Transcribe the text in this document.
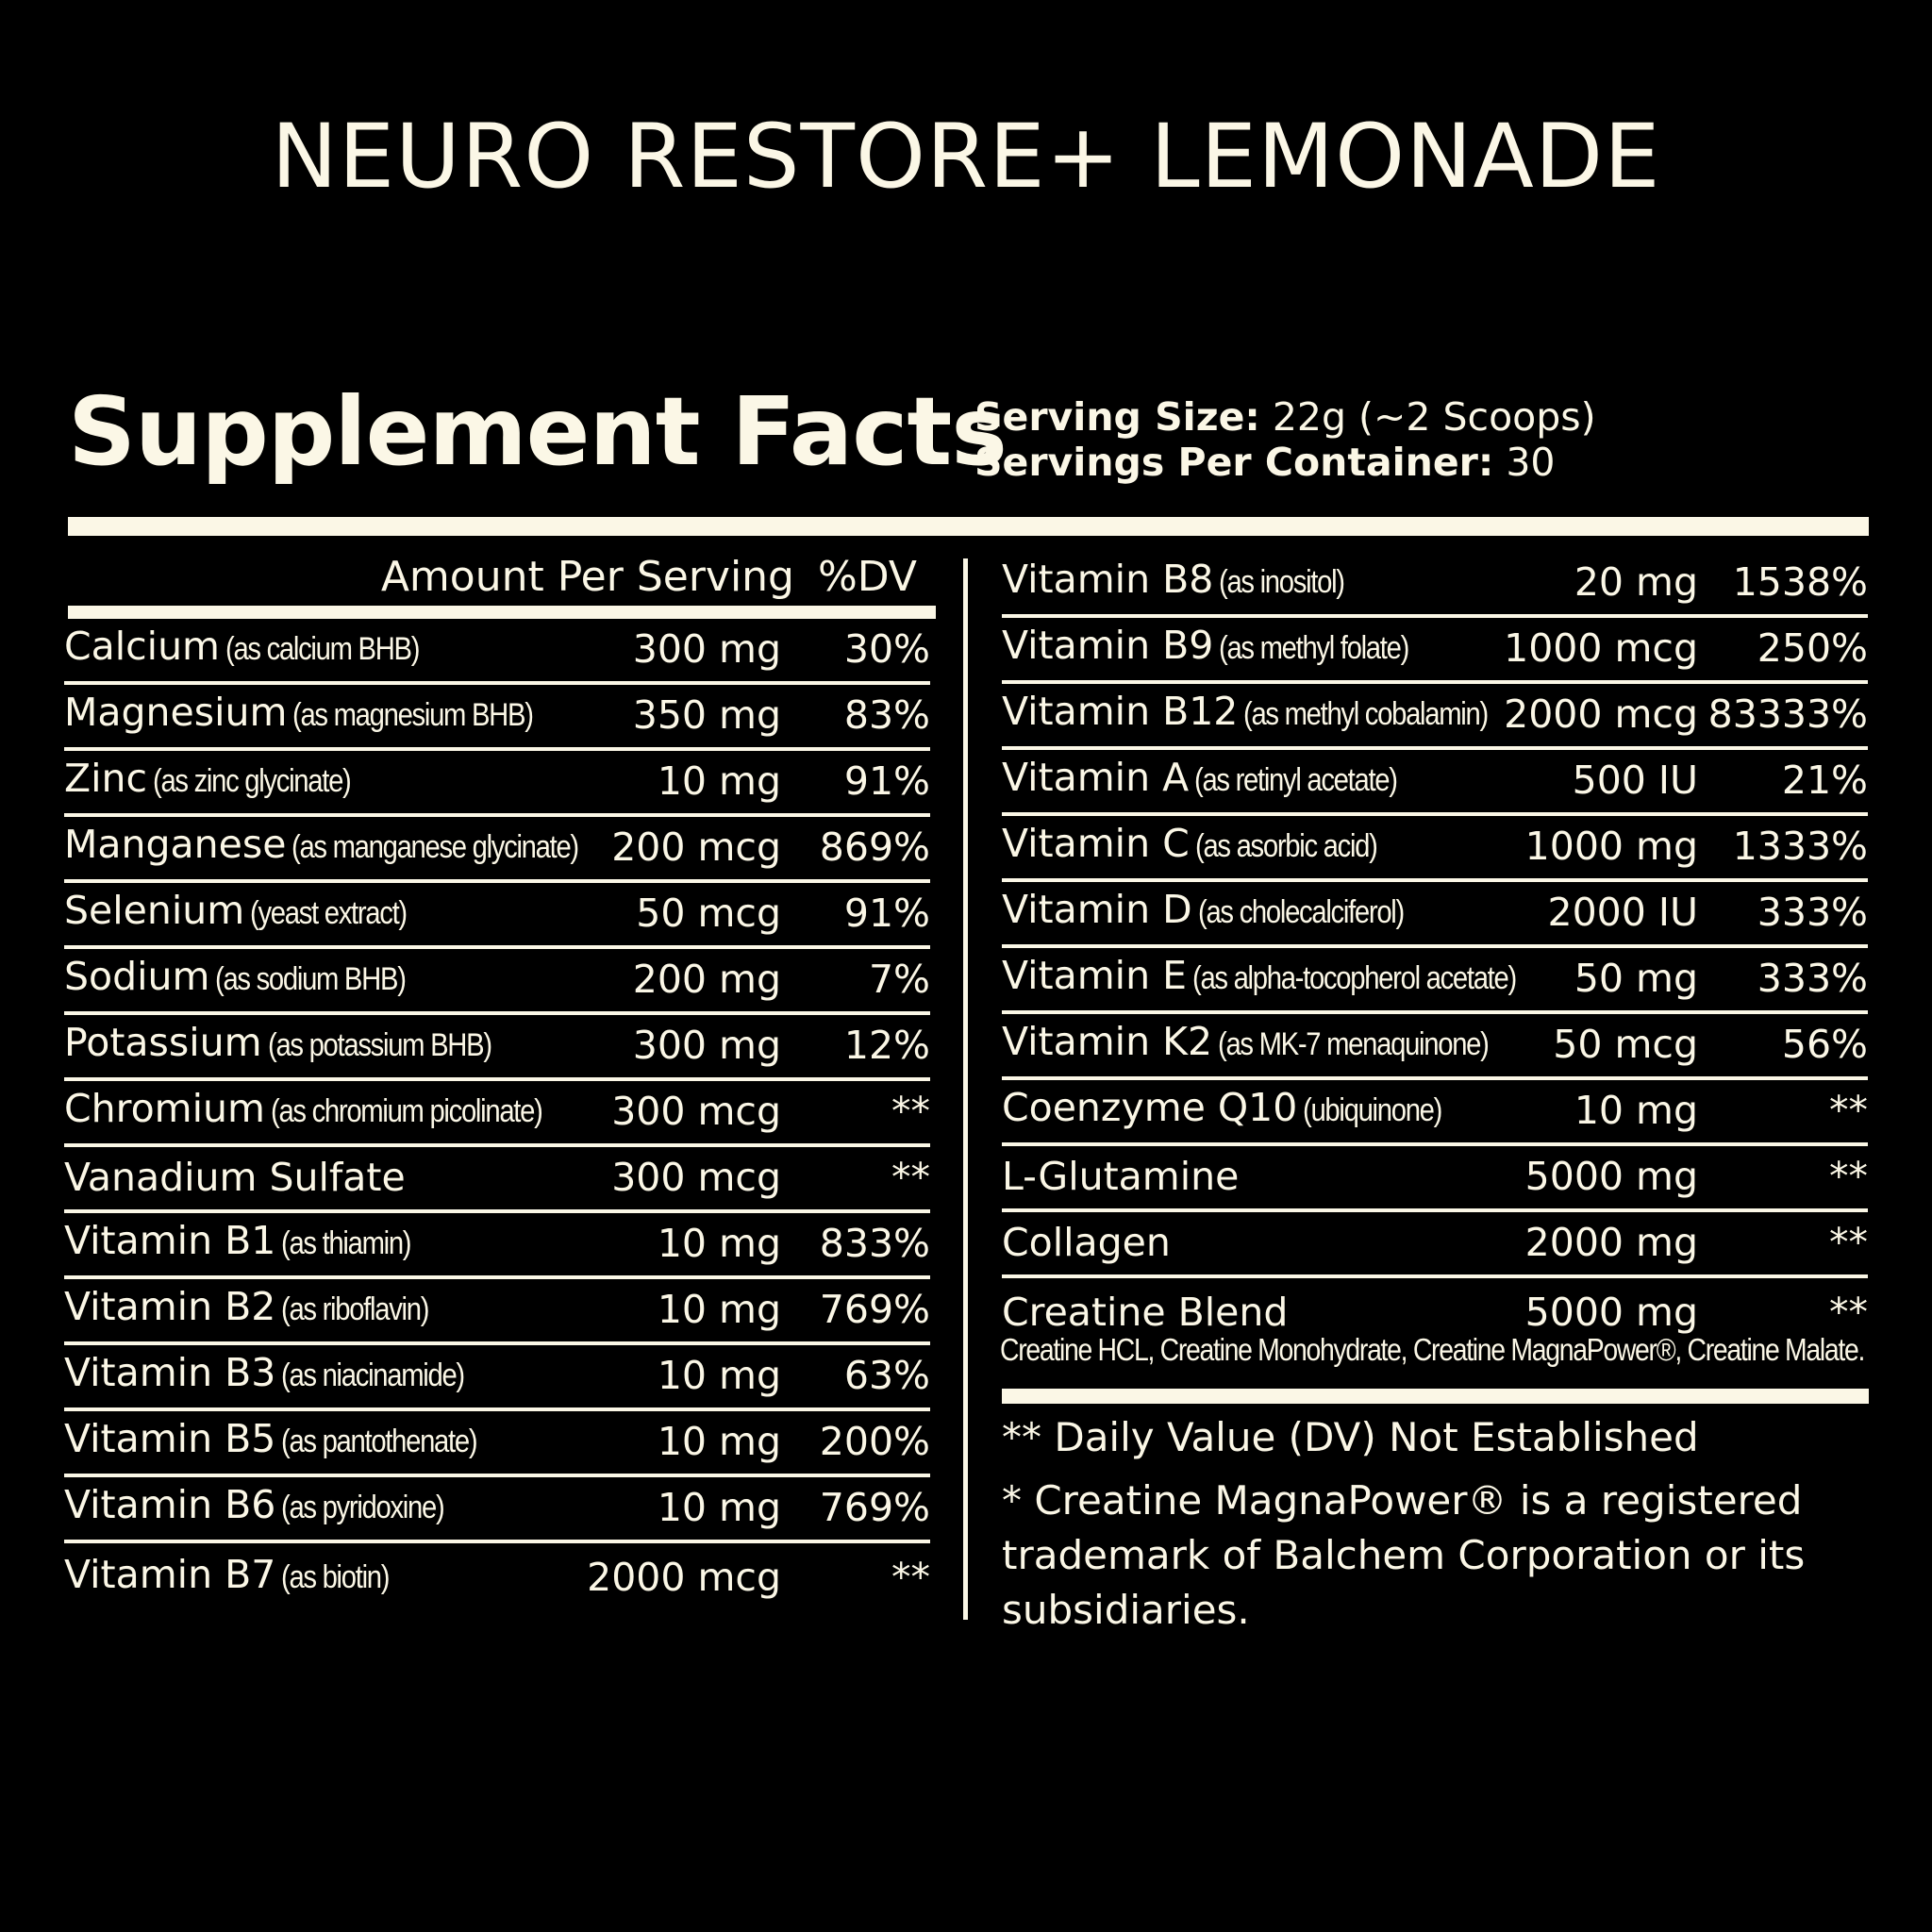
NEURO RESTORE+ LEMONADE
Supplement Facts
Serving Size: 22g (~2 Scoops)
Servings Per Container: 30
Amount Per Serving %DV
Calcium (as calcium BHB)	300 mg 30%
Magnesium (as magnesium BHB)	350 mg 83%
Zinc (as zinc glycinate)	10 mg 91%
Manganese (as manganese glycinate) 200 mcg 869%
Selenium (yeast extract)	50 mcg 91%
Sodium (as sodium BHB)	200 mg 7%
Potassium (as potassium BHB)	300 mg 12%
Chromium (as chromium picolinate)	300 mcg	**
Vanadium Sulfate	300 mcg	**
Vitamin B1 (as thiamin)	10 mg 833%
Vitamin B2 (as riboflavin)	10 mg 769%
Vitamin B3 (as niacinamide)	10 mg 63%
Vitamin B5 (as pantothenate)	10 mg 200%
Vitamin B6 (as pyridoxine)	10 mg 769%
Vitamin B7 (as biotin)	2000 mcg	**
Vitamin B8 (as inositol)	20 mg 1538%
Vitamin B9 (as methyl folate)	1000 mcg 250%
Vitamin B12 (as methyl cobalamin) 2000 mcg 83333%
Vitamin A (as retinyl acetate)	500 IU 21%
Vitamin C (as asorbic acid)	1000 mg 1333%
Vitamin D (as cholecalciferol)	2000 IU 333%
Vitamin E (as alpha-tocopherol acetate)	50 mg 333%
Vitamin K2 (as MK-7 menaquinone)	50 mcg 56%
Coenzyme Q10 (ubiquinone)	10 mg	**
L-Glutamine	5000 mg	**
Collagen	2000 mg	**
Creatine Blend	5000 mg	**
Creatine HCL, Creatine Monohydrate, Creatine MagnaPower®, Creatine Malate.
** Daily Value (DV) Not Established
* Creatine MagnaPower® is a registered trademark of Balchem Corporation or its subsidiaries.
